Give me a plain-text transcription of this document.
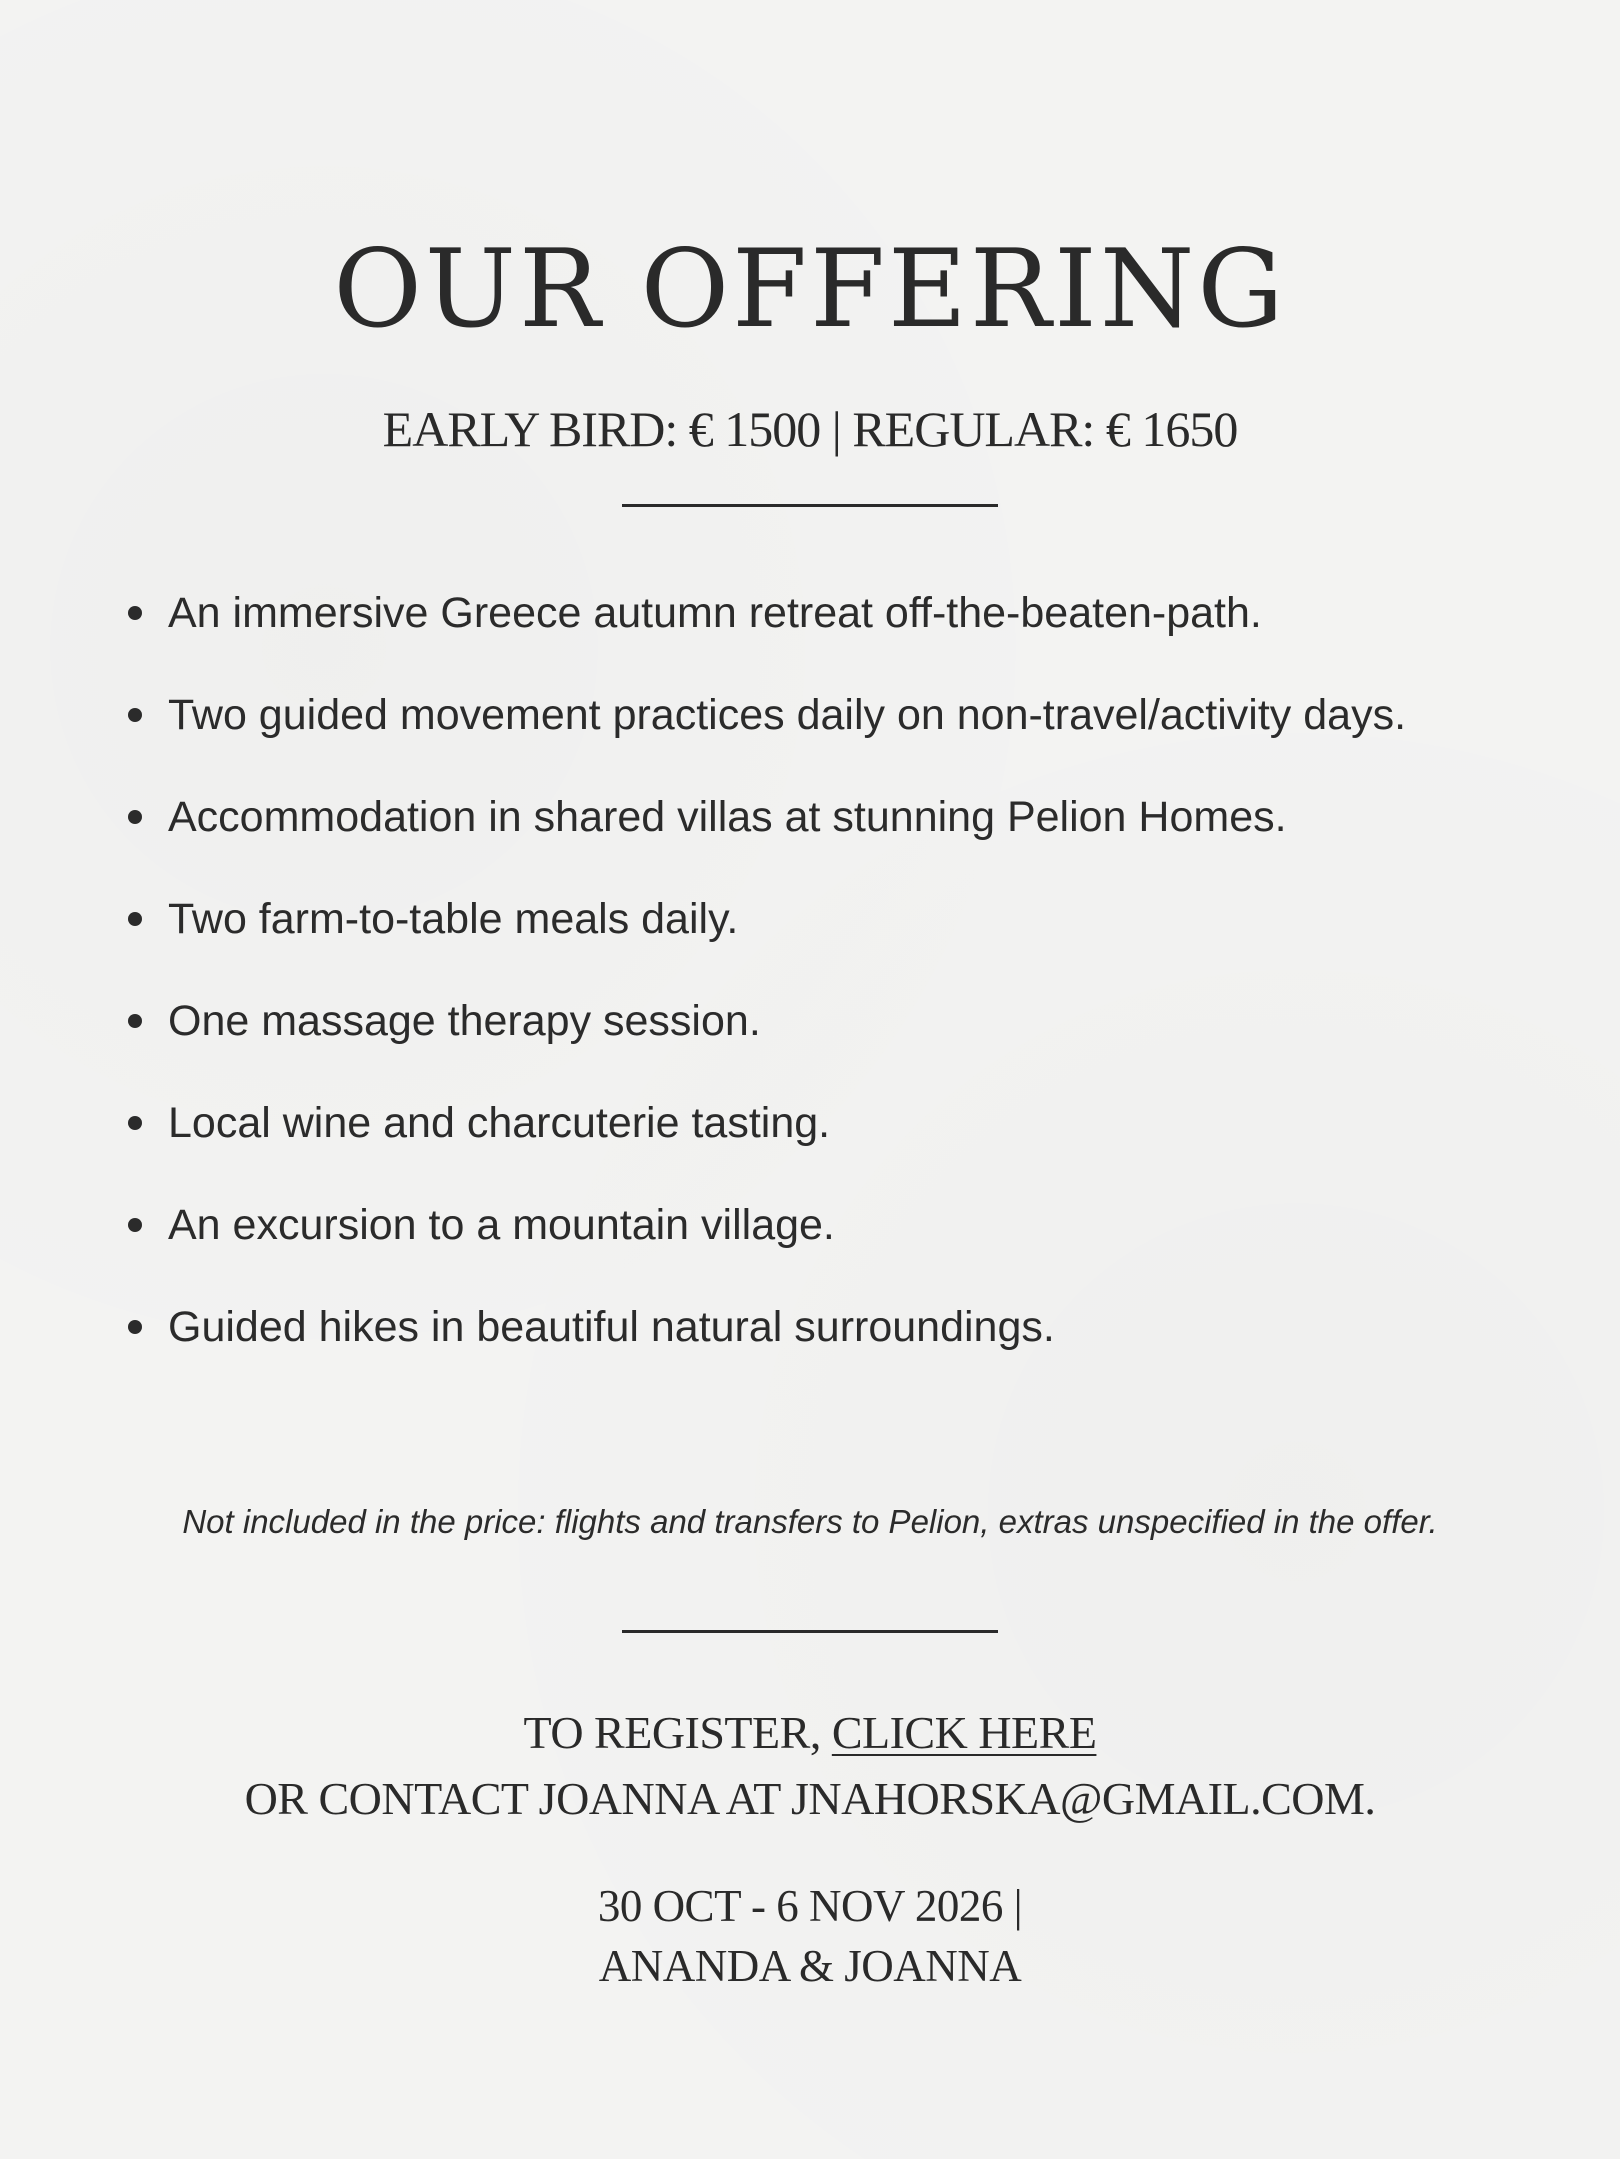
OUR OFFERING
EARLY BIRD: € 1500 | REGULAR: € 1650
An immersive Greece autumn retreat off-the-beaten-path.
Two guided movement practices daily on non-travel/activity days.
Accommodation in shared villas at stunning Pelion Homes.
Two farm-to-table meals daily.
One massage therapy session.
Local wine and charcuterie tasting.
An excursion to a mountain village.
Guided hikes in beautiful natural surroundings.
Not included in the price: flights and transfers to Pelion, extras unspecified in the offer.
TO REGISTER, CLICK HERE
OR CONTACT JOANNA AT JNAHORSKA@GMAIL.COM.
30 OCT - 6 NOV 2026 |
ANANDA & JOANNA
